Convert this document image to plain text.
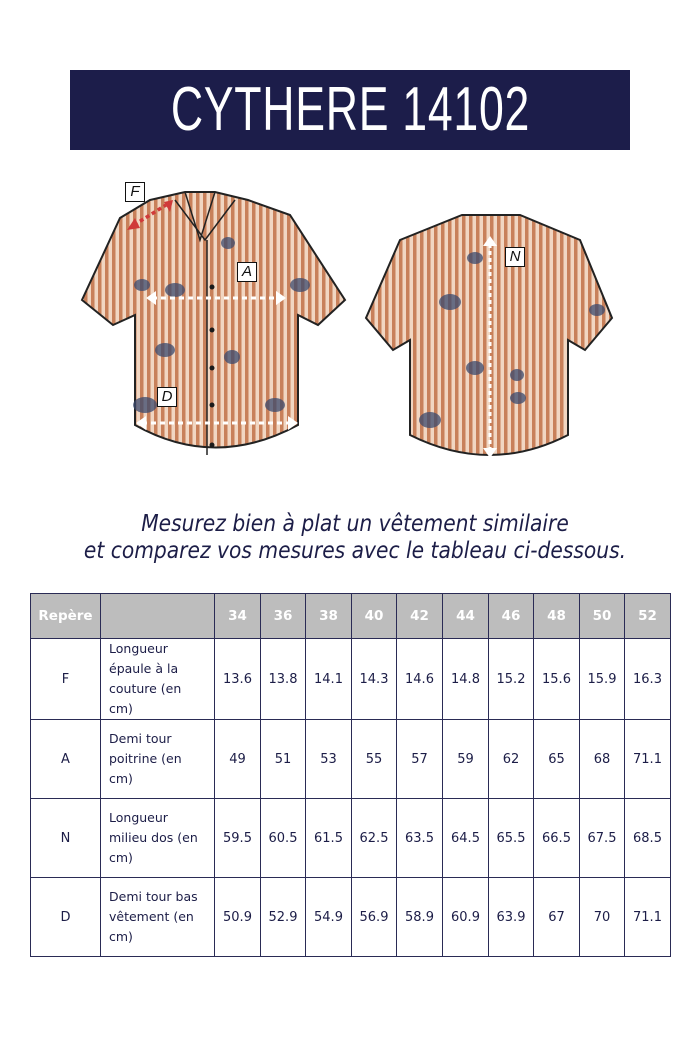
CYTHERE 14102
F
A
D
N
Mesurez bien à plat un vêtement similaire
et comparez vos mesures avec le tableau ci-dessous.
Repère		34	36	38	40	42	44	46	48	50	52
F	Longueur épaule à la couture (en cm)	13.6	13.8	14.1	14.3	14.6	14.8	15.2	15.6	15.9	16.3
A	Demi tour poitrine (en cm)	49	51	53	55	57	59	62	65	68	71.1
N	Longueur milieu dos (en cm)	59.5	60.5	61.5	62.5	63.5	64.5	65.5	66.5	67.5	68.5
D	Demi tour bas vêtement (en cm)	50.9	52.9	54.9	56.9	58.9	60.9	63.9	67	70	71.1
